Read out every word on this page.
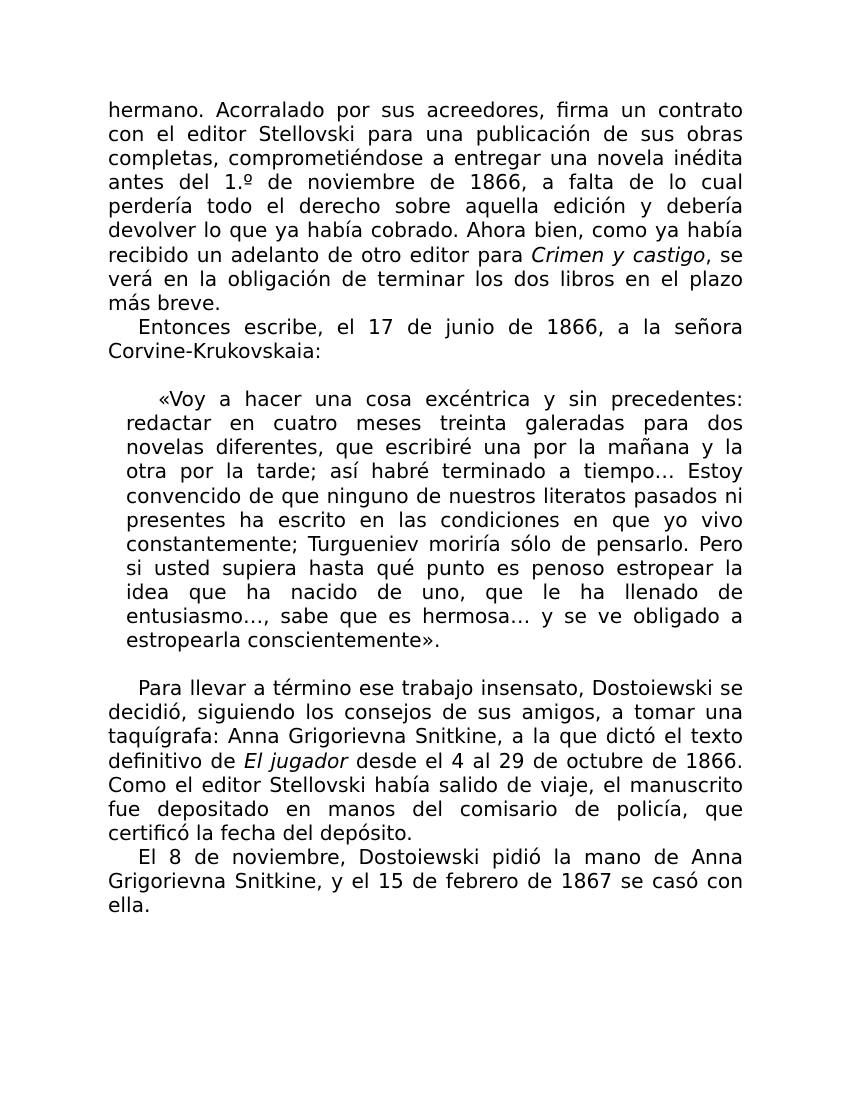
hermano. Acorralado por sus acreedores, firma un contrato con el editor Stellovski para una publicación de sus obras completas, comprometiéndose a entregar una novela inédita antes del 1.º de noviembre de 1866, a falta de lo cual perdería todo el derecho sobre aquella edición y debería devolver lo que ya había cobrado. Ahora bien, como ya había recibido un adelanto de otro editor para Crimen y castigo, se verá en la obligación de terminar los dos libros en el plazo más breve.

Entonces escribe, el 17 de junio de 1866, a la señora Corvine-Krukovskaia:

«Voy a hacer una cosa excéntrica y sin precedentes: redactar en cuatro meses treinta galeradas para dos novelas diferentes, que escribiré una por la mañana y la otra por la tarde; así habré terminado a tiempo… Estoy convencido de que ninguno de nuestros literatos pasados ni presentes ha escrito en las condiciones en que yo vivo constantemente; Turgueniev moriría sólo de pensarlo. Pero si usted supiera hasta qué punto es penoso estropear la idea que ha nacido de uno, que le ha llenado de entusiasmo…, sabe que es hermosa… y se ve obligado a estropearla conscientemente».

Para llevar a término ese trabajo insensato, Dostoiewski se decidió, siguiendo los consejos de sus amigos, a tomar una taquígrafa: Anna Grigorievna Snitkine, a la que dictó el texto definitivo de El jugador desde el 4 al 29 de octubre de 1866. Como el editor Stellovski había salido de viaje, el manuscrito fue depositado en manos del comisario de policía, que certificó la fecha del depósito.

El 8 de noviembre, Dostoiewski pidió la mano de Anna Grigorievna Snitkine, y el 15 de febrero de 1867 se casó con ella.
